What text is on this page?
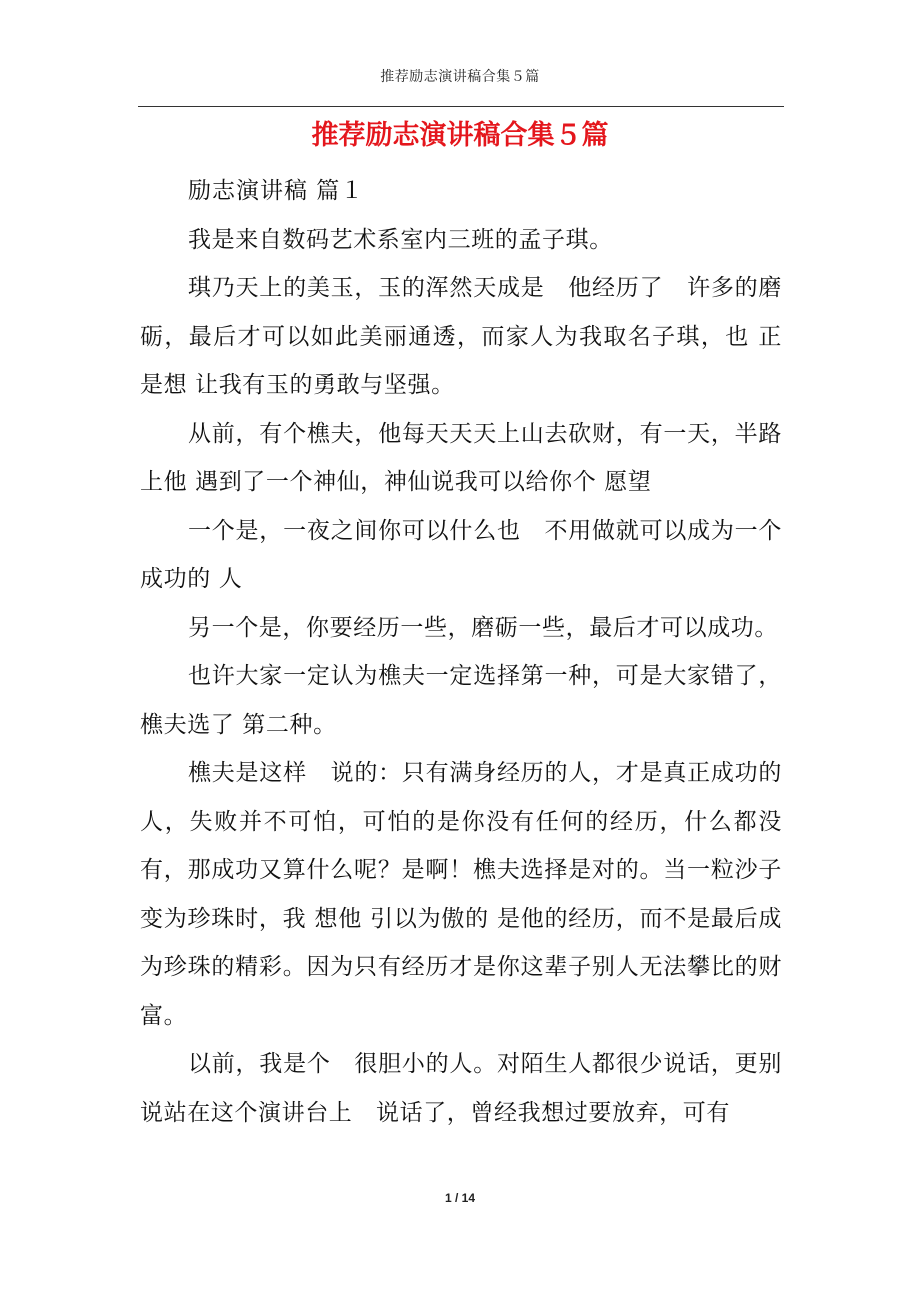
推荐励志演讲稿合集５篇
推荐励志演讲稿合集５篇

励志演讲稿 篇１

我是来自数码艺术系室内三班的孟子琪。

琪乃天上的美玉，玉的浑然天成是　他经历了　许多的磨砺，最后才可以如此美丽通透，而家人为我取名子琪，也 正是想 让我有玉的勇敢与坚强。

从前，有个樵夫，他每天天天上山去砍财，有一天，半路上他 遇到了一个神仙，神仙说我可以给你个 愿望

一个是，一夜之间你可以什么也　不用做就可以成为一个成功的 人

另一个是，你要经历一些，磨砺一些，最后才可以成功。

也许大家一定认为樵夫一定选择第一种，可是大家错了，樵夫选了 第二种。

樵夫是这样　说的：只有满身经历的人，才是真正成功的　人，失败并不可怕，可怕的是你没有任何的经历，什么都没有，那成功又算什么呢？是啊！樵夫选择是对的。当一粒沙子变为珍珠时，我 想他 引以为傲的 是他的经历，而不是最后成为珍珠的精彩。因为只有经历才是你这辈子别人无法攀比的财富。

以前，我是个　很胆小的人。对陌生人都很少说话，更别说站在这个演讲台上　说话了，曾经我想过要放弃，可有

1 / 14
